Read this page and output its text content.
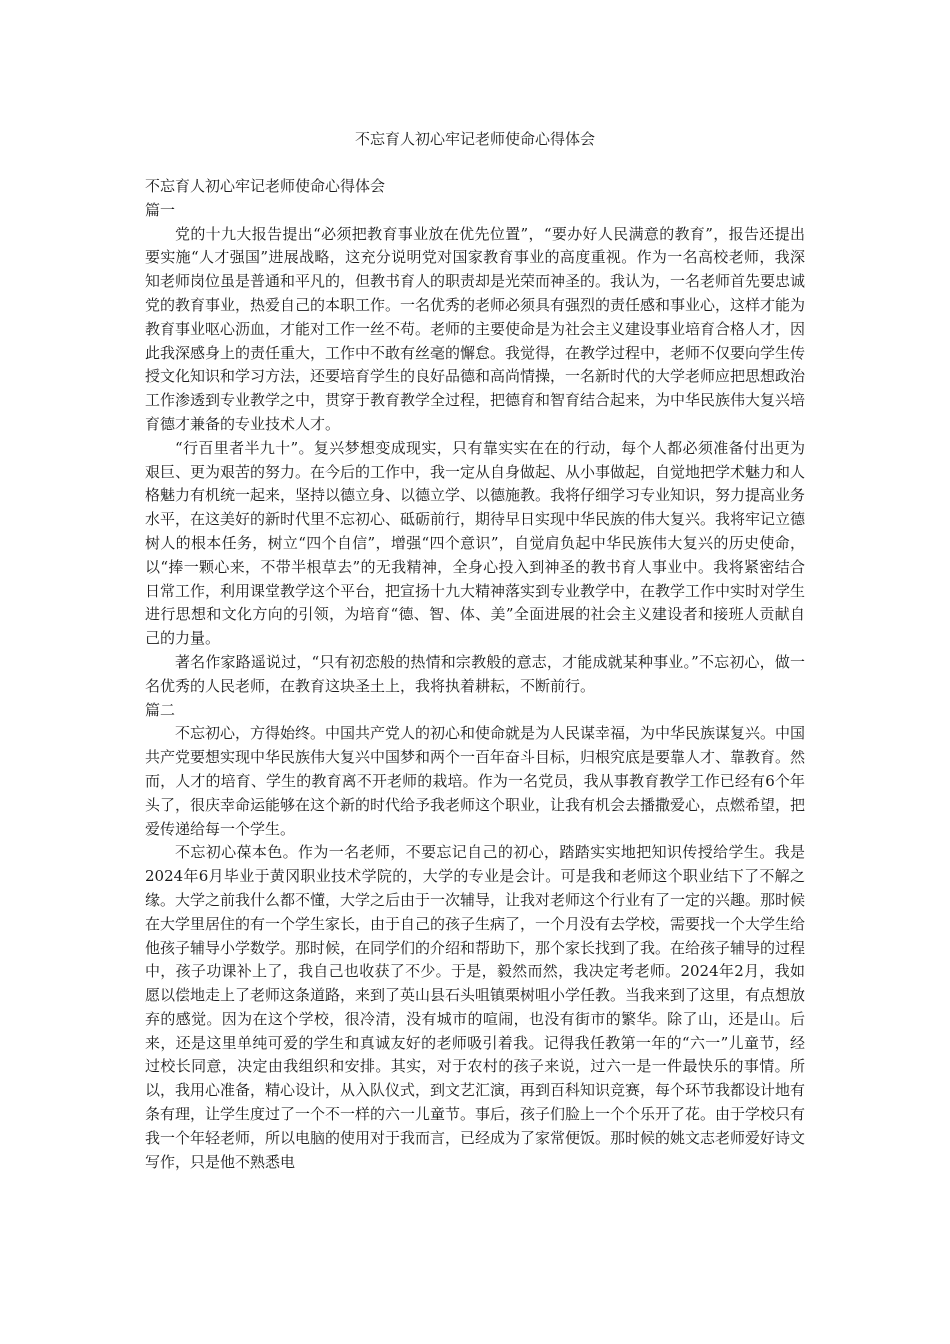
不忘育人初心牢记老师使命心得体会

不忘育人初心牢记老师使命心得体会

篇一

党的十九大报告提出“必须把教育事业放在优先位置”，“要办好人民满意的教育”，报告还提出要实施“人才强国”进展战略，这充分说明党对国家教育事业的高度重视。作为一名高校老师，我深知老师岗位虽是普通和平凡的，但教书育人的职责却是光荣而神圣的。我认为，一名老师首先要忠诚党的教育事业，热爱自己的本职工作。一名优秀的老师必须具有强烈的责任感和事业心，这样才能为教育事业呕心沥血，才能对工作一丝不苟。老师的主要使命是为社会主义建设事业培育合格人才，因此我深感身上的责任重大，工作中不敢有丝毫的懈怠。我觉得，在教学过程中，老师不仅要向学生传授文化知识和学习方法，还要培育学生的良好品德和高尚情操，一名新时代的大学老师应把思想政治工作渗透到专业教学之中，贯穿于教育教学全过程，把德育和智育结合起来，为中华民族伟大复兴培育德才兼备的专业技术人才。

“行百里者半九十”。复兴梦想变成现实，只有靠实实在在的行动，每个人都必须准备付出更为艰巨、更为艰苦的努力。在今后的工作中，我一定从自身做起、从小事做起，自觉地把学术魅力和人格魅力有机统一起来，坚持以德立身、以德立学、以德施教。我将仔细学习专业知识，努力提高业务水平，在这美好的新时代里不忘初心、砥砺前行，期待早日实现中华民族的伟大复兴。我将牢记立德树人的根本任务，树立“四个自信”，增强“四个意识”，自觉肩负起中华民族伟大复兴的历史使命，以“捧一颗心来，不带半根草去”的无我精神，全身心投入到神圣的教书育人事业中。我将紧密结合日常工作，利用课堂教学这个平台，把宣扬十九大精神落实到专业教学中，在教学工作中实时对学生进行思想和文化方向的引领，为培育“德、智、体、美”全面进展的社会主义建设者和接班人贡献自己的力量。

著名作家路遥说过，“只有初恋般的热情和宗教般的意志，才能成就某种事业。”不忘初心，做一名优秀的人民老师，在教育这块圣土上，我将执着耕耘，不断前行。

篇二

不忘初心，方得始终。中国共产党人的初心和使命就是为人民谋幸福，为中华民族谋复兴。中国共产党要想实现中华民族伟大复兴中国梦和两个一百年奋斗目标，归根究底是要靠人才、靠教育。然而，人才的培育、学生的教育离不开老师的栽培。作为一名党员，我从事教育教学工作已经有6个年头了，很庆幸命运能够在这个新的时代给予我老师这个职业，让我有机会去播撒爱心，点燃希望，把爱传递给每一个学生。

不忘初心葆本色。作为一名老师，不要忘记自己的初心，踏踏实实地把知识传授给学生。我是2024年6月毕业于黄冈职业技术学院的，大学的专业是会计。可是我和老师这个职业结下了不解之缘。大学之前我什么都不懂，大学之后由于一次辅导，让我对老师这个行业有了一定的兴趣。那时候在大学里居住的有一个学生家长，由于自己的孩子生病了，一个月没有去学校，需要找一个大学生给他孩子辅导小学数学。那时候，在同学们的介绍和帮助下，那个家长找到了我。在给孩子辅导的过程中，孩子功课补上了，我自己也收获了不少。于是，毅然而然，我决定考老师。2024年2月，我如愿以偿地走上了老师这条道路，来到了英山县石头咀镇栗树咀小学任教。当我来到了这里，有点想放弃的感觉。因为在这个学校，很冷清，没有城市的喧闹，也没有街市的繁华。除了山，还是山。后来，还是这里单纯可爱的学生和真诚友好的老师吸引着我。记得我任教第一年的“六一”儿童节，经过校长同意，决定由我组织和安排。其实，对于农村的孩子来说，过六一是一件最快乐的事情。所以，我用心准备，精心设计，从入队仪式，到文艺汇演，再到百科知识竞赛，每个环节我都设计地有条有理，让学生度过了一个不一样的六一儿童节。事后，孩子们脸上一个个乐开了花。由于学校只有我一个年轻老师，所以电脑的使用对于我而言，已经成为了家常便饭。那时候的姚文志老师爱好诗文写作，只是他不熟悉电
